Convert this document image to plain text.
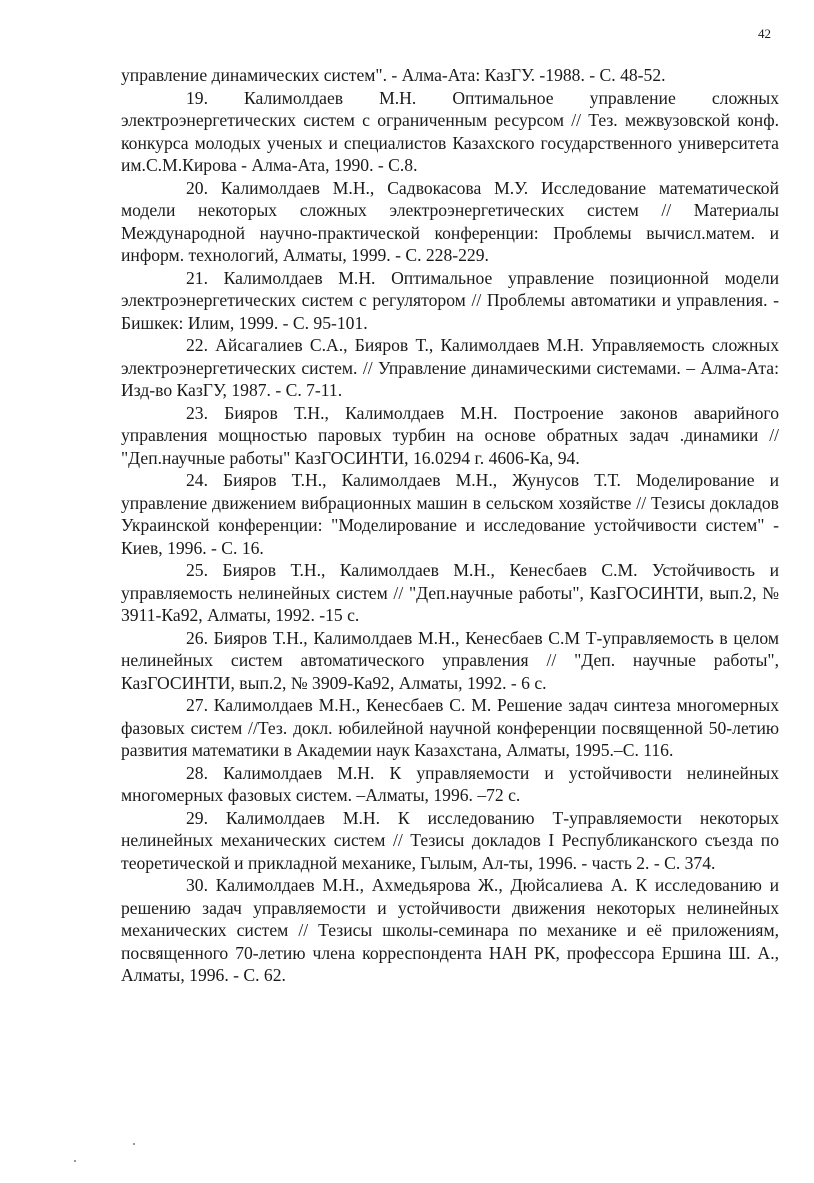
42

управление динамических систем". - Алма-Ата: КазГУ. -1988. - С. 48-52.

19. Калимолдаев М.Н. Оптимальное управление сложных электроэнергетических систем с ограниченным ресурсом // Тез. межвузовской конф. конкурса молодых ученых и специалистов Казахского государственного университета им.С.М.Кирова - Алма-Ата, 1990. - С.8.

20. Калимолдаев М.Н., Садвокасова М.У. Исследование математической модели некоторых сложных электроэнергетических систем // Материалы Международной научно-практической конференции: Проблемы вычисл.матем. и информ. технологий, Алматы, 1999. - С. 228-229.

21. Калимолдаев М.Н. Оптимальное управление позиционной модели электроэнергетических систем с регулятором // Проблемы автоматики и управления. - Бишкек: Илим, 1999. - С. 95-101.

22. Айсагалиев С.А., Бияров Т., Калимолдаев М.Н. Управляемость сложных электроэнергетических систем. // Управление динамическими системами. – Алма-Ата: Изд-во КазГУ, 1987. - С. 7-11.

23. Бияров Т.Н., Калимолдаев М.Н. Построение законов аварийного управления мощностью паровых турбин на основе обратных задач .динамики // "Деп.научные работы" КазГОСИНТИ, 16.0294 г. 4606-Ка, 94.

24. Бияров Т.Н., Калимолдаев М.Н., Жунусов Т.Т. Моделирование и управление движением вибрационных машин в сельском хозяйстве // Тезисы докладов Украинской конференции: "Моделирование и исследование устойчивости систем" - Киев, 1996. - С. 16.

25. Бияров Т.Н., Калимолдаев М.Н., Кенесбаев С.М. Устойчивость и управляемость нелинейных систем // "Деп.научные работы", КазГОСИНТИ, вып.2, № 3911-Ка92, Алматы, 1992. -15 с.

26. Бияров Т.Н., Калимолдаев М.Н., Кенесбаев С.М Т-управляемость в целом нелинейных систем автоматического управления // "Деп. научные работы", КазГОСИНТИ, вып.2, № 3909-Ка92, Алматы, 1992. - 6 с.

27. Калимолдаев М.Н., Кенесбаев С. М. Решение задач синтеза многомерных фазовых систем //Тез. докл. юбилейной научной конференции посвященной 50-летию развития математики в Академии наук Казахстана, Алматы, 1995.–С. 116.

28. Калимолдаев М.Н. К управляемости и устойчивости нелинейных многомерных фазовых систем. –Алматы, 1996. –72 с.

29. Калимолдаев М.Н. К исследованию Т-управляемости некоторых нелинейных механических систем // Тезисы докладов I Республиканского съезда по теоретической и прикладной механике, Гылым, Ал-ты, 1996. - часть 2. - С. 374.

30. Калимолдаев М.Н., Ахмедьярова Ж., Дюйсалиева А. К исследованию и решению задач управляемости и устойчивости движения некоторых нелинейных механических систем // Тезисы школы-семинара по механике и её приложениям, посвященного 70-летию члена корреспондента НАН РК, профессора Ершина Ш. А., Алматы, 1996. - С. 62.
